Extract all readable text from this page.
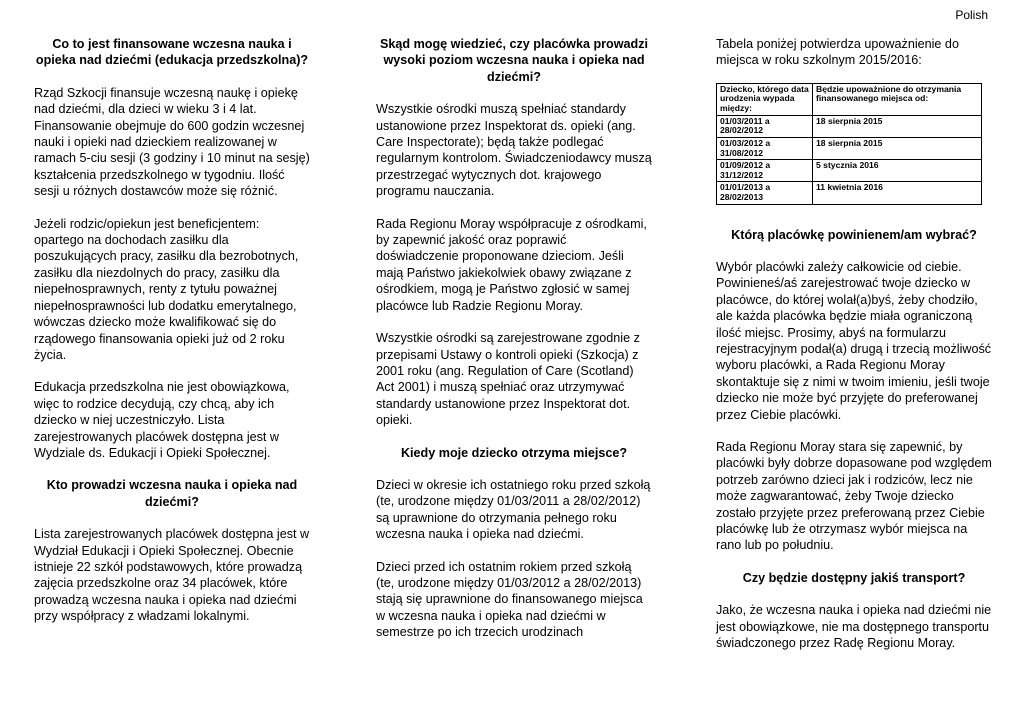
Polish
Co to jest finansowane wczesna nauka i opieka nad dziećmi (edukacja przedszkolna)?

Rząd Szkocji finansuje wczesną naukę i opiekę nad dziećmi, dla dzieci w wieku 3 i 4 lat. Finansowanie obejmuje do 600 godzin wczesnej nauki i opieki nad dzieckiem realizowanej w ramach 5-ciu sesji (3 godziny i 10 minut na sesję) kształcenia przedszkolnego w tygodniu. Ilość sesji u różnych dostawców może się różnić.

Jeżeli rodzic/opiekun jest beneficjentem: opartego na dochodach zasiłku dla poszukujących pracy, zasiłku dla bezrobotnych, zasiłku dla niezdolnych do pracy, zasiłku dla niepełnosprawnych, renty z tytułu poważnej niepełnosprawności lub dodatku emerytalnego, wówczas dziecko może kwalifikować się do rządowego finansowania opieki już od 2 roku życia.

Edukacja przedszkolna nie jest obowiązkowa, więc to rodzice decydują, czy chcą, aby ich dziecko w niej uczestniczyło. Lista zarejestrowanych placówek dostępna jest w Wydziale ds. Edukacji i Opieki Społecznej.

Kto prowadzi wczesna nauka i opieka nad dziećmi?

Lista zarejestrowanych placówek dostępna jest w Wydział Edukacji i Opieki Społecznej. Obecnie istnieje 22 szkół podstawowych, które prowadzą zajęcia przedszkolne oraz 34 placówek, które prowadzą wczesna nauka i opieka nad dziećmi przy współpracy z władzami lokalnymi.

Skąd mogę wiedzieć, czy placówka prowadzi wysoki poziom wczesna nauka i opieka nad dziećmi?

Wszystkie ośrodki muszą spełniać standardy ustanowione przez Inspektorat ds. opieki (ang. Care Inspectorate); będą także podlegać regularnym kontrolom. Świadczeniodawcy muszą przestrzegać wytycznych dot. krajowego programu nauczania.

Rada Regionu Moray współpracuje z ośrodkami, by zapewnić jakość oraz poprawić doświadczenie proponowane dzieciom. Jeśli mają Państwo jakiekolwiek obawy związane z ośrodkiem, mogą je Państwo zgłosić w samej placówce lub Radzie Regionu Moray.

Wszystkie ośrodki są zarejestrowane zgodnie z przepisami Ustawy o kontroli opieki (Szkocja) z 2001 roku (ang. Regulation of Care (Scotland) Act 2001) i muszą spełniać oraz utrzymywać standardy ustanowione przez Inspektorat dot. opieki.

Kiedy moje dziecko otrzyma miejsce?

Dzieci w okresie ich ostatniego roku przed szkołą (te, urodzone między 01/03/2011 a 28/02/2012) są uprawnione do otrzymania pełnego roku wczesna nauka i opieka nad dziećmi.

Dzieci przed ich ostatnim rokiem przed szkołą (te, urodzone między 01/03/2012 a 28/02/2013) stają się uprawnione do finansowanego miejsca w wczesna nauka i opieka nad dziećmi w semestrze po ich trzecich urodzinach

Tabela poniżej potwierdza upoważnienie do miejsca w roku szkolnym 2015/2016:

Dziecko, którego data urodzenia wypada między:	Będzie upoważnione do otrzymania finansowanego miejsca od:
01/03/2011 a 28/02/2012	18 sierpnia 2015
01/03/2012 a 31/08/2012	18 sierpnia 2015
01/09/2012 a 31/12/2012	5 stycznia 2016
01/01/2013 a 28/02/2013	11 kwietnia 2016
Którą placówkę powinienem/am wybrać?

Wybór placówki zależy całkowicie od ciebie. Powinieneś/aś zarejestrować twoje dziecko w placówce, do której wolał(a)byś, żeby chodziło, ale każda placówka będzie miała ograniczoną ilość miejsc. Prosimy, abyś na formularzu rejestracyjnym podał(a) drugą i trzecią możliwość wyboru placówki, a Rada Regionu Moray skontaktuje się z nimi w twoim imieniu, jeśli twoje dziecko nie może być przyjęte do preferowanej przez Ciebie placówki.

Rada Regionu Moray stara się zapewnić, by placówki były dobrze dopasowane pod względem potrzeb zarówno dzieci jak i rodziców, lecz nie może zagwarantować, żeby Twoje dziecko zostało przyjęte przez preferowaną przez Ciebie placówkę lub że otrzymasz wybór miejsca na rano lub po południu.

Czy będzie dostępny jakiś transport?

Jako, że wczesna nauka i opieka nad dziećmi nie jest obowiązkowe, nie ma dostępnego transportu świadczonego przez Radę Regionu Moray.
